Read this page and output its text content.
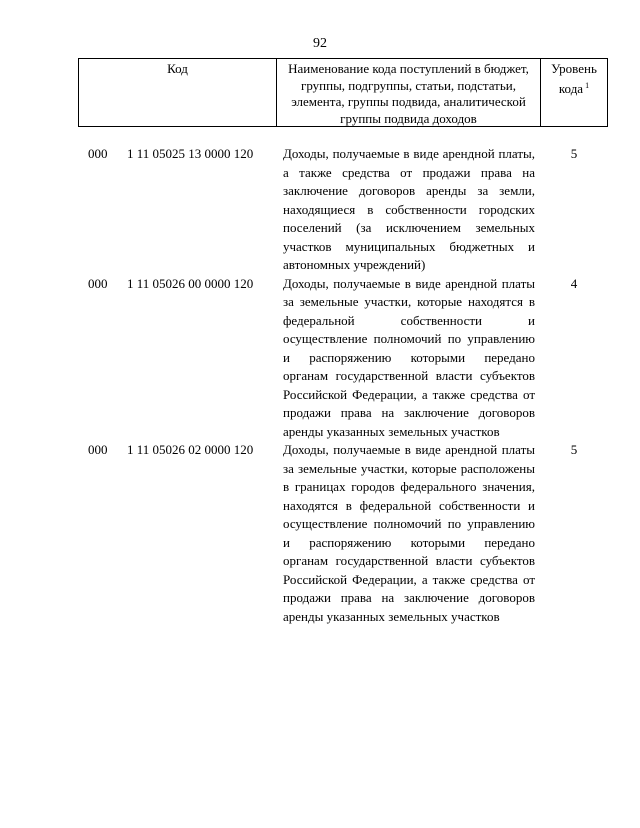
92
Код	Наименование кода поступлений в бюджет, группы, подгруппы, статьи, подстатьи, элемента, группы подвида, аналитической группы подвида доходов
Уровень кода $^1$
000 1 11 05025 13 0000 120 Доходы, получаемые в виде арендной платы, а также средства от продажи права на заключение договоров аренды за земли, находящиеся в собственности городских поселений (за исключением земельных участков муниципальных бюджетных и автономных учреждений)
5
000 1 11 05026 00 0000 120 Доходы, получаемые в виде арендной платы за земельные участки, которые находятся в федеральной собственности и осуществление полномочий по управлению и распоряжению которыми передано органам государственной власти субъектов Российской Федерации, а также средства от продажи права на заключение договоров аренды указанных земельных участков
4
000 1 11 05026 02 0000 120 Доходы, получаемые в виде арендной платы за земельные участки, которые расположены в границах городов федерального значения, находятся в федеральной собственности и осуществление полномочий по управлению и распоряжению которыми передано органам государственной власти субъектов Российской Федерации, а также средства от продажи права на заключение договоров аренды указанных земельных участков
5
